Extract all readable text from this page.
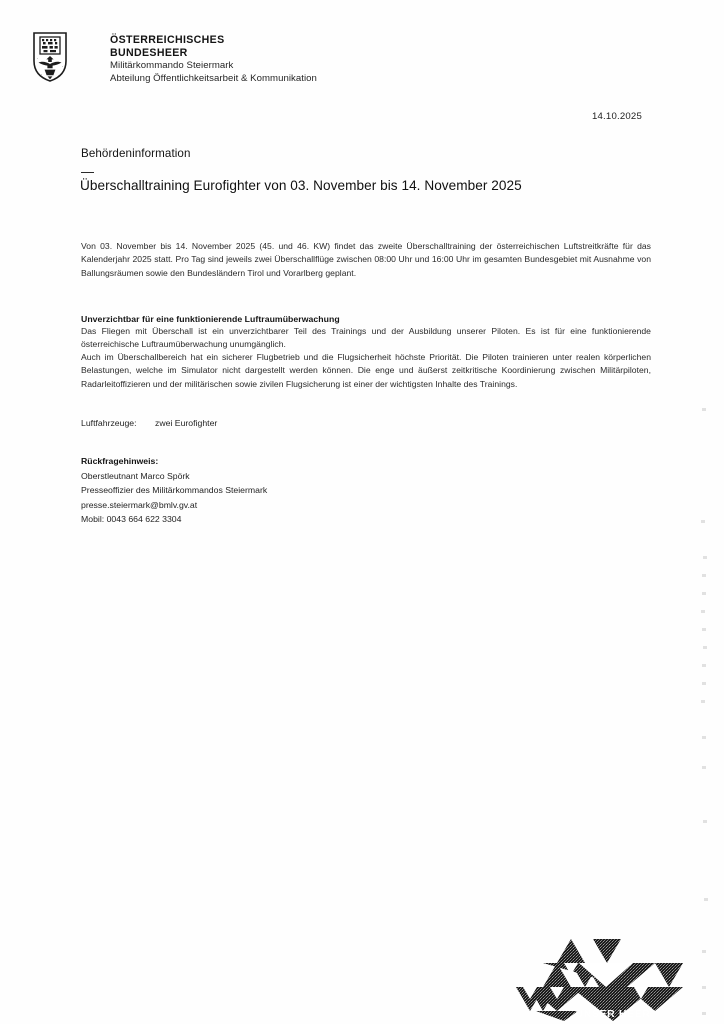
ÖSTERREICHISCHES
BUNDESHEER
Militärkommando Steiermark
Abteilung Öffentlichkeitsarbeit & Kommunikation
14.10.2025
Behördeninformation
Überschalltraining Eurofighter von 03. November bis 14. November 2025
Von 03. November bis 14. November 2025 (45. und 46. KW) findet das zweite Überschalltraining der österreichischen Luftstreitkräfte für das Kalenderjahr 2025 statt. Pro Tag sind jeweils zwei Überschallflüge zwischen 08:00 Uhr und 16:00 Uhr im gesamten Bundesgebiet mit Ausnahme von Ballungsräumen sowie den Bundesländern Tirol und Vorarlberg geplant.
Unverzichtbar für eine funktionierende Luftraumüberwachung
Das Fliegen mit Überschall ist ein unverzichtbarer Teil des Trainings und der Ausbildung unserer Piloten. Es ist für eine funktionierende österreichische Luftraumüberwachung unumgänglich.
Auch im Überschallbereich hat ein sicherer Flugbetrieb und die Flugsicherheit höchste Priorität. Die Piloten trainieren unter realen körperlichen Belastungen, welche im Simulator nicht dargestellt werden können. Die enge und äußerst zeitkritische Koordinierung zwischen Militärpiloten, Radarleitoffizieren und der militärischen sowie zivilen Flugsicherung ist einer der wichtigsten Inhalte des Trainings.
Luftfahrzeuge: zwei Eurofighter
Rückfragehinweis:
Oberstleutnant Marco Spörk
Presseoffizier des Militärkommandos Steiermark
presse.steiermark@bmlv.gv.at
Mobil: 0043 664 622 3304
UNSER HEER
